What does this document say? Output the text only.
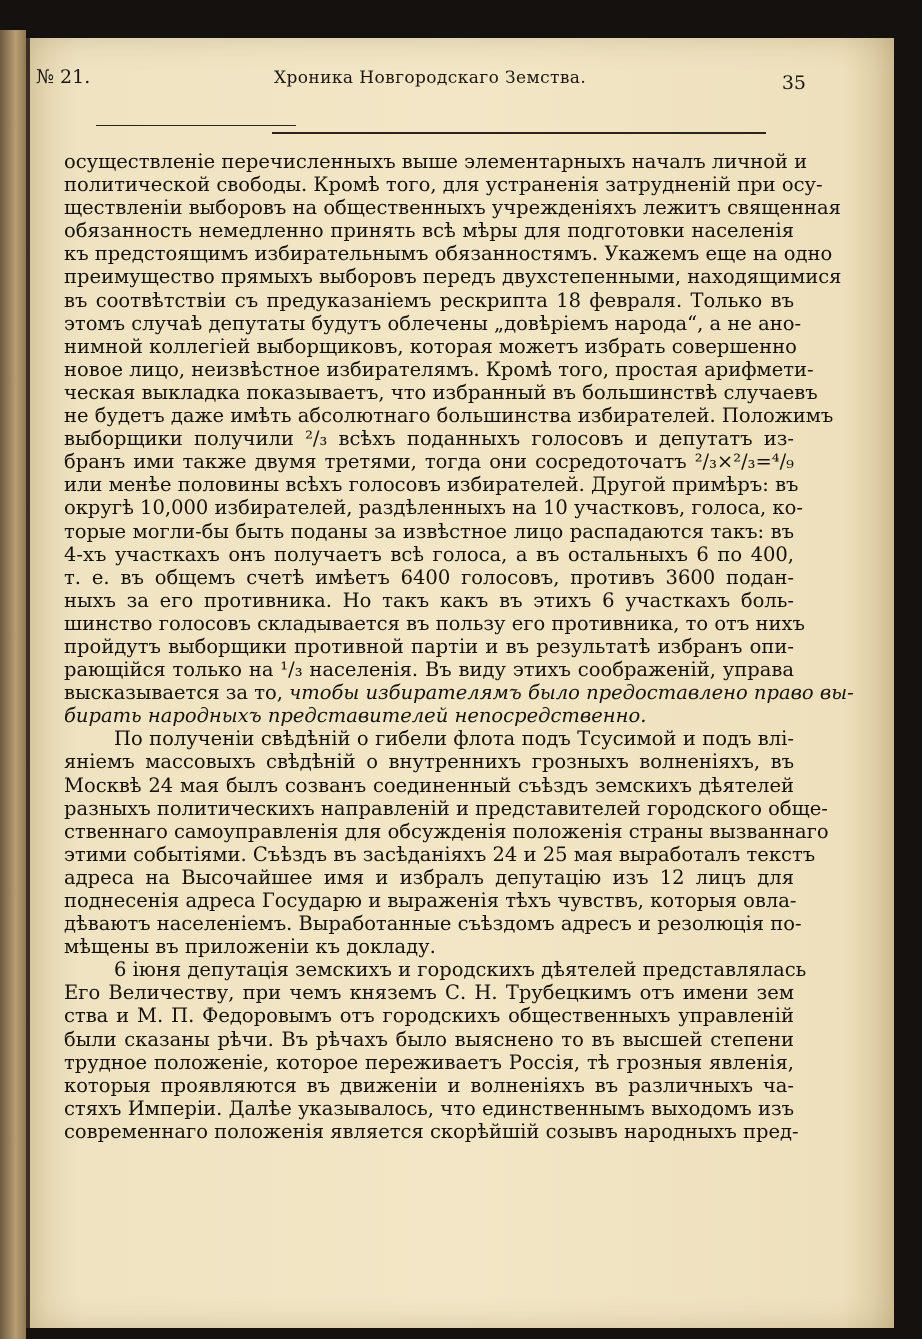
№ 21.	Хроника Новгородскаго Земства.	35
осуществленіе перечисленныхъ выше элементарныхъ началъ личной и
политической свободы. Кромѣ того, для устраненія затрудненій при осу-
ществленіи выборовъ на общественныхъ учрежденіяхъ лежитъ священная
обязанность немедленно принять всѣ мѣры для подготовки населенія
къ предстоящимъ избирательнымъ обязанностямъ. Укажемъ еще на одно
преимущество прямыхъ выборовъ передъ двухстепенными, находящимися
въ соотвѣтствіи съ предуказаніемъ рескрипта 18 февраля. Только въ
этомъ случаѣ депутаты будутъ облечены „довѣріемъ народа“, а не ано-
нимной коллегіей выборщиковъ, которая можетъ избрать совершенно
новое лицо, неизвѣстное избирателямъ. Кромѣ того, простая арифмети-
ческая выкладка показываетъ, что избранный въ большинствѣ случаевъ
не будетъ даже имѣть абсолютнаго большинства избирателей. Положимъ
выборщики получили ²/₃ всѣхъ поданныхъ голосовъ и депутатъ из-
бранъ ими также двумя третями, тогда они сосредоточатъ ²/₃×²/₃=⁴/₉
или менѣе половины всѣхъ голосовъ избирателей. Другой примѣръ: въ
округѣ 10,000 избирателей, раздѣленныхъ на 10 участковъ, голоса, ко-
торые могли-бы быть поданы за извѣстное лицо распадаются такъ: въ
4-хъ участкахъ онъ получаетъ всѣ голоса, а въ остальныхъ 6 по 400,
т. е. въ общемъ счетѣ имѣетъ 6400 голосовъ, противъ 3600 подан-
ныхъ за его противника. Но такъ какъ въ этихъ 6 участкахъ боль-
шинство голосовъ складывается въ пользу его противника, то отъ нихъ
пройдутъ выборщики противной партіи и въ результатѣ избранъ опи-
рающійся только на ¹/₃ населенія. Въ виду этихъ соображеній, управа
высказывается за то, чтобы избирателямъ было предоставлено право вы-
бирать народныхъ представителей непосредственно.
По полученіи свѣдѣній о гибели флота подъ Тсусимой и подъ влі-
яніемъ массовыхъ свѣдѣній о внутреннихъ грозныхъ волненіяхъ, въ
Москвѣ 24 мая былъ созванъ соединенный съѣздъ земскихъ дѣятелей
разныхъ политическихъ направленій и представителей городского обще-
ственнаго самоуправленія для обсужденія положенія страны вызваннаго
этими событіями. Съѣздъ въ засѣданіяхъ 24 и 25 мая выработалъ текстъ
адреса на Высочайшее имя и избралъ депутацію изъ 12 лицъ для
поднесенія адреса Государю и выраженія тѣхъ чувствъ, которыя овла-
дѣваютъ населеніемъ. Выработанные съѣздомъ адресъ и резолюція по-
мѣщены въ приложеніи къ докладу.
6 іюня депутація земскихъ и городскихъ дѣятелей представлялась
Его Величеству, при чемъ княземъ С. Н. Трубецкимъ отъ имени зем
ства и М. П. Федоровымъ отъ городскихъ общественныхъ управленій
были сказаны рѣчи. Въ рѣчахъ было выяснено то въ высшей степени
трудное положеніе, которое переживаетъ Россія, тѣ грозныя явленія,
которыя проявляются въ движеніи и волненіяхъ въ различныхъ ча-
стяхъ Имперіи. Далѣе указывалось, что единственнымъ выходомъ изъ
современнаго положенія является скорѣйшій созывъ народныхъ пред-
